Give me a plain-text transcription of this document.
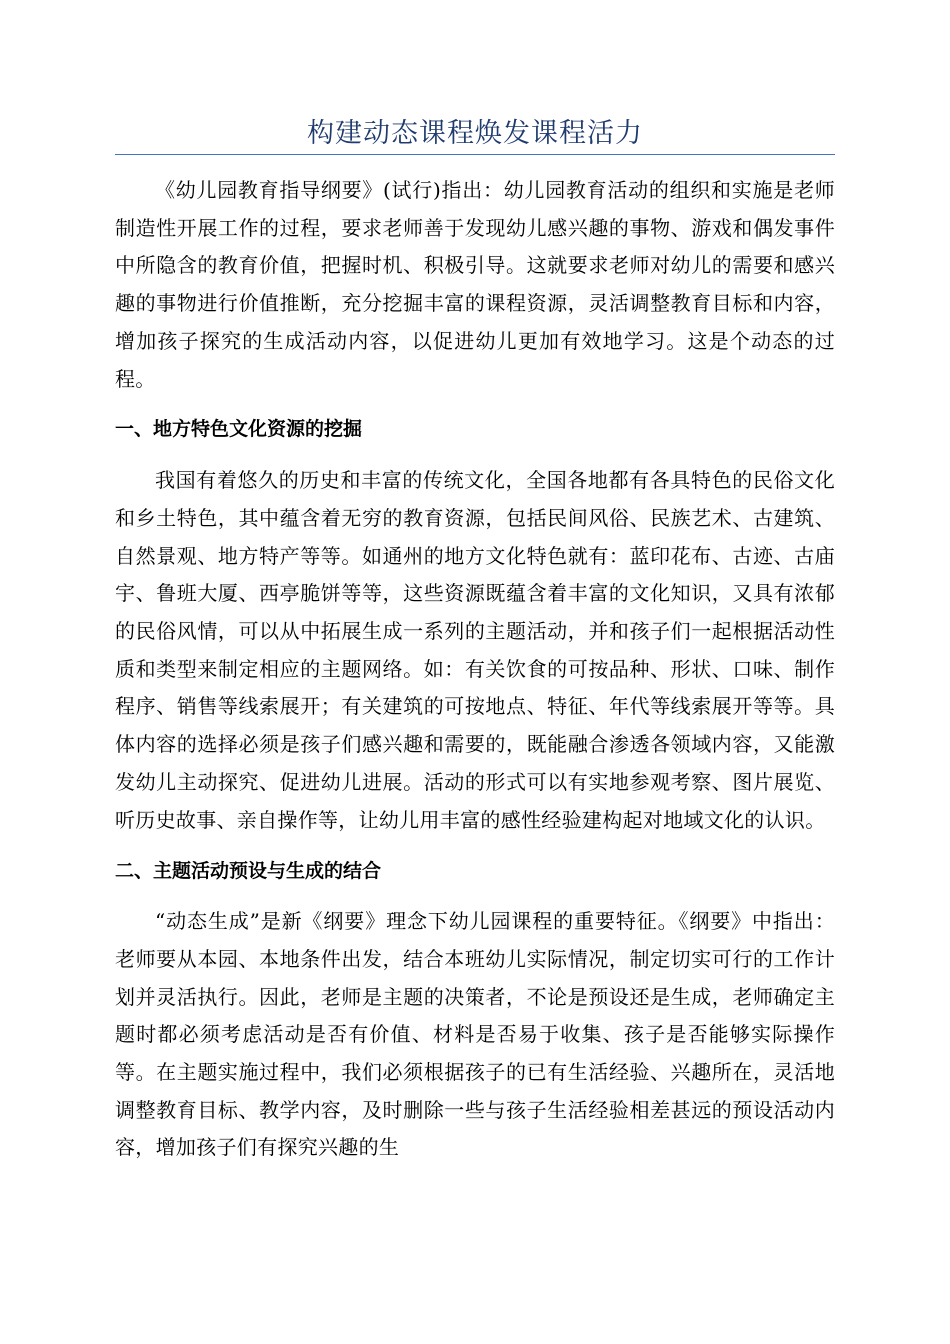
构建动态课程焕发课程活力

《幼儿园教育指导纲要》(试行)指出：幼儿园教育活动的组织和实施是老师制造性开展工作的过程，要求老师善于发现幼儿感兴趣的事物、游戏和偶发事件中所隐含的教育价值，把握时机、积极引导。这就要求老师对幼儿的需要和感兴趣的事物进行价值推断，充分挖掘丰富的课程资源，灵活调整教育目标和内容，增加孩子探究的生成活动内容，以促进幼儿更加有效地学习。这是个动态的过程。

一、地方特色文化资源的挖掘

我国有着悠久的历史和丰富的传统文化，全国各地都有各具特色的民俗文化和乡土特色，其中蕴含着无穷的教育资源，包括民间风俗、民族艺术、古建筑、自然景观、地方特产等等。如通州的地方文化特色就有：蓝印花布、古迹、古庙宇、鲁班大厦、西亭脆饼等等，这些资源既蕴含着丰富的文化知识，又具有浓郁的民俗风情，可以从中拓展生成一系列的主题活动，并和孩子们一起根据活动性质和类型来制定相应的主题网络。如：有关饮食的可按品种、形状、口味、制作程序、销售等线索展开；有关建筑的可按地点、特征、年代等线索展开等等。具体内容的选择必须是孩子们感兴趣和需要的，既能融合渗透各领域内容，又能激发幼儿主动探究、促进幼儿进展。活动的形式可以有实地参观考察、图片展览、听历史故事、亲自操作等，让幼儿用丰富的感性经验建构起对地域文化的认识。

二、主题活动预设与生成的结合

“动态生成”是新《纲要》理念下幼儿园课程的重要特征。《纲要》中指出：老师要从本园、本地条件出发，结合本班幼儿实际情况，制定切实可行的工作计划并灵活执行。因此，老师是主题的决策者，不论是预设还是生成，老师确定主题时都必须考虑活动是否有价值、材料是否易于收集、孩子是否能够实际操作等。在主题实施过程中，我们必须根据孩子的已有生活经验、兴趣所在，灵活地调整教育目标、教学内容，及时删除一些与孩子生活经验相差甚远的预设活动内容，增加孩子们有探究兴趣的生
